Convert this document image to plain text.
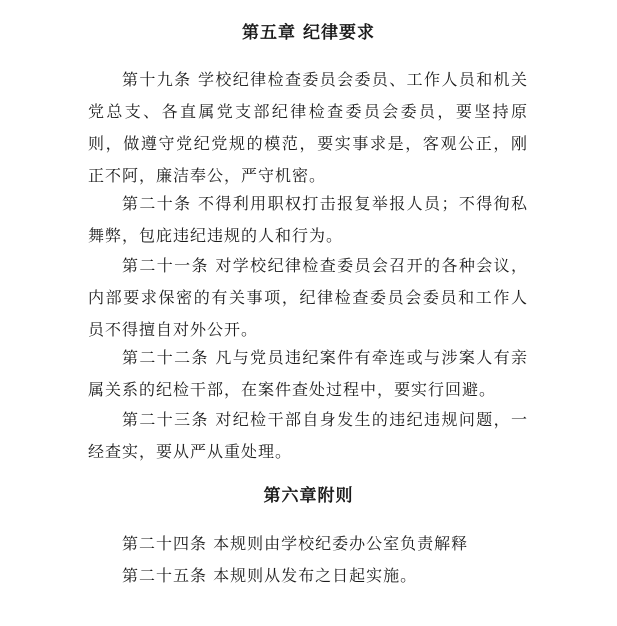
第五章 纪律要求

第十九条 学校纪律检查委员会委员、工作人员和机关党总支、各直属党支部纪律检查委员会委员，要坚持原则，做遵守党纪党规的模范，要实事求是，客观公正，刚正不阿，廉洁奉公，严守机密。

第二十条 不得利用职权打击报复举报人员；不得徇私舞弊，包庇违纪违规的人和行为。

第二十一条 对学校纪律检查委员会召开的各种会议，内部要求保密的有关事项，纪律检查委员会委员和工作人员不得擅自对外公开。

第二十二条 凡与党员违纪案件有牵连或与涉案人有亲属关系的纪检干部，在案件查处过程中，要实行回避。

第二十三条 对纪检干部自身发生的违纪违规问题，一经查实，要从严从重处理。

第六章附则

第二十四条 本规则由学校纪委办公室负责解释

第二十五条 本规则从发布之日起实施。
